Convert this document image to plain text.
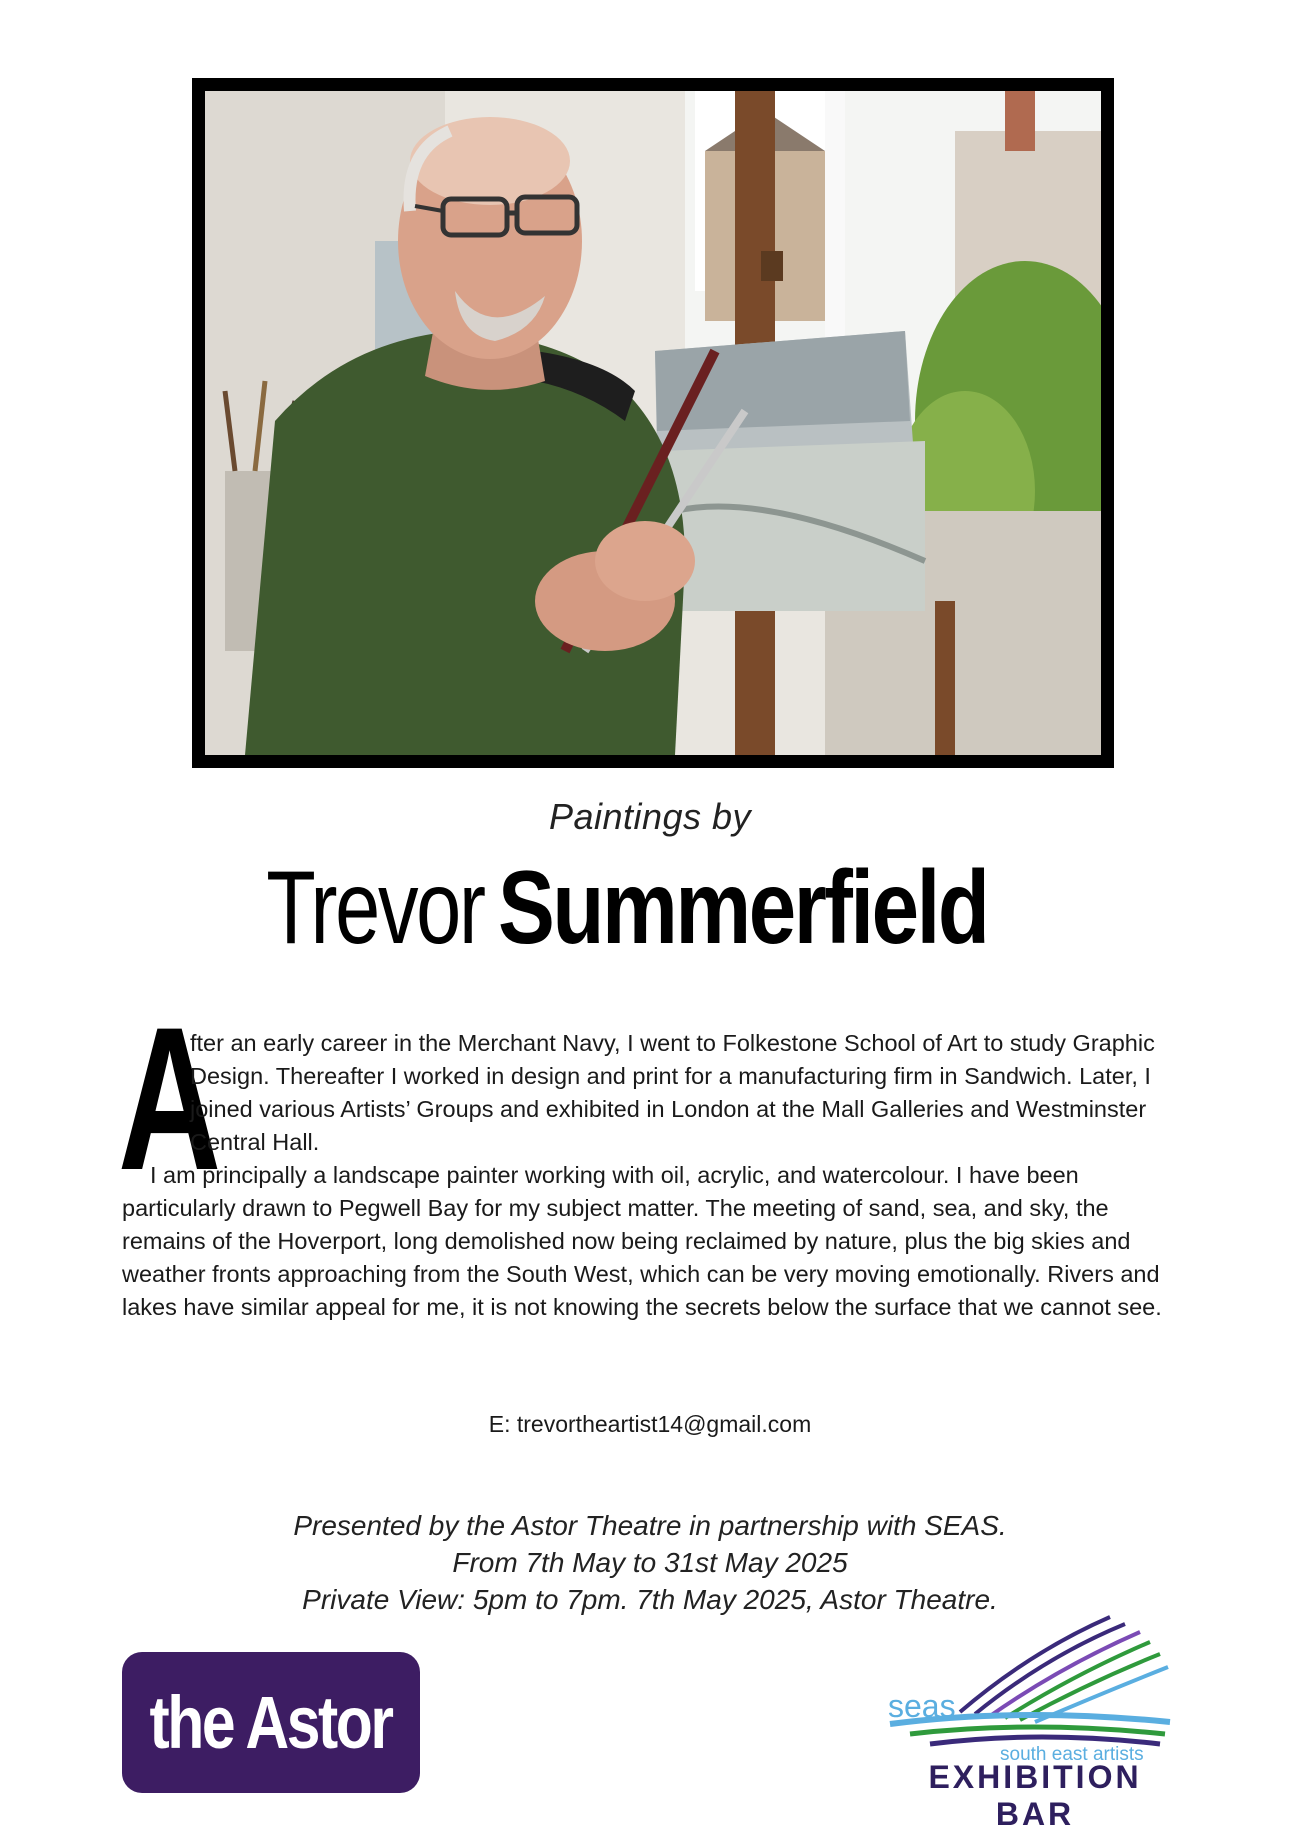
Paintings by
Trevor Summerfield
A

fter an early career in the Merchant Navy, I went to Folkestone School of Art to study Graphic Design. Thereafter I worked in design and print for a manufacturing firm in Sandwich. Later, I joined various Artists’ Groups and exhibited in London at the Mall Galleries and Westminster Central Hall.

I am principally a landscape painter working with oil, acrylic, and watercolour. I have been particularly drawn to Pegwell Bay for my subject matter. The meeting of sand, sea, and sky, the remains of the Hoverport, long demolished now being reclaimed by nature, plus the big skies and weather fronts approaching from the South West, which can be very moving emotionally. Rivers and lakes have similar appeal for me, it is not knowing the secrets below the surface that we cannot see.

E: trevortheartist14@gmail.com
Presented by the Astor Theatre in partnership with SEAS.
From 7th May to 31st May 2025
Private View: 5pm to 7pm. 7th May 2025, Astor Theatre.
the Astor	seas
south east artists
EXHIBITION BAR
